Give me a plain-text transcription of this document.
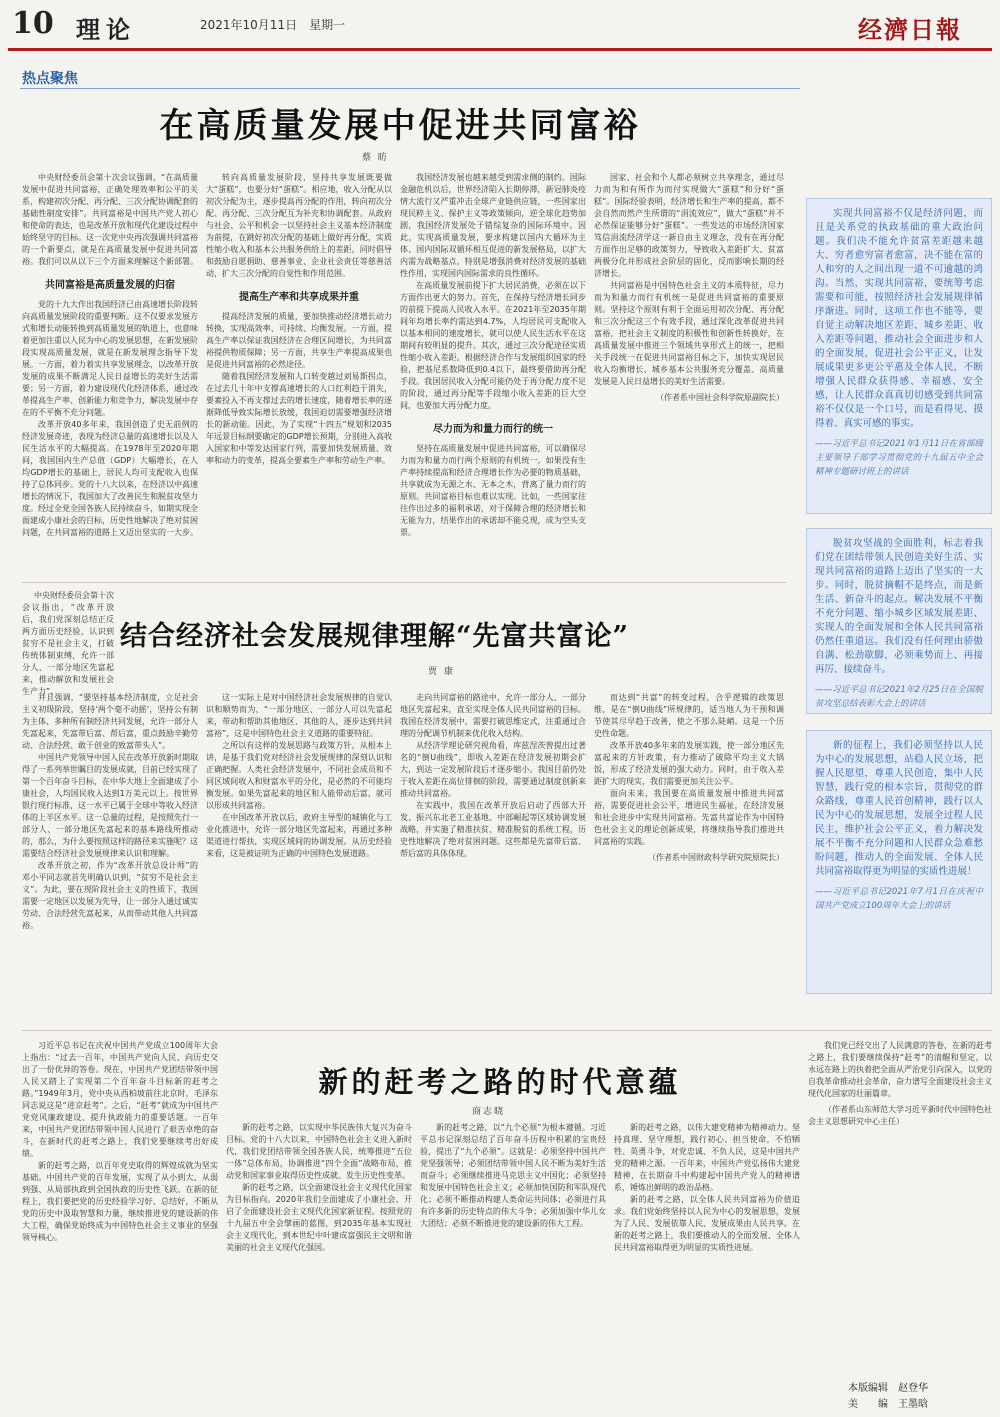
10 理论	2021年10月11日　星期一	经濟日報
热点聚焦
在高质量发展中促进共同富裕
蔡 昉
中央财经委员会第十次会议强调，“在高质量发展中促进共同富裕，正确处理效率和公平的关系，构建初次分配、再分配、三次分配协调配套的基础性制度安排”。共同富裕是中国共产党人初心和使命的表达，也是改革开放和现代化建设过程中始终坚守的目标。这一次党中央再次强调共同富裕的一个新要点，就是在高质量发展中促进共同富裕。我们可以从以下三个方面来理解这个新部署。
共同富裕是高质量发展的归宿
党的十九大作出我国经济已由高速增长阶段转向高质量发展阶段的重要判断。这不仅要求发展方式和增长动能转换到高质量发展的轨道上，也意味着更加注重以人民为中心的发展思想，在新发展阶段实现高质量发展，就是在新发展理念指导下发展。一方面，着力着实共享发展理念，以改革开放发展的成果不断满足人民日益增长的美好生活需要；另一方面，着力建设现代化经济体系，通过改革提高生产率、创新能力和竞争力，解决发展中存在的不平衡不充分问题。
改革开放40多年来，我国创造了史无前例的经济发展奇迹，表现为经济总量的高速增长以及人民生活水平的大幅提高。在1978年至2020年期间，我国国内生产总值（GDP）大幅增长，在人均GDP增长的基础上，居民人均可支配收入也保持了总体同步。党的十八大以来，在经济以中高速增长的情况下，我国加大了改善民生和脱贫攻坚力度。经过全党全国各族人民持续奋斗，如期实现全面建成小康社会的目标，历史性地解决了绝对贫困问题，在共同富裕的道路上又迈出坚实的一大步。
转向高质量发展阶段，坚持共享发展既要做大“蛋糕”，也要分好“蛋糕”。相应地，收入分配从以初次分配为主，逐步提高再分配的作用，转向初次分配、再分配、三次分配互为补充和协调配套。从政府与社会、公平和机会一以坚持社会主义基本经济制度为前提，在跳好初次分配的基础上做好再分配，实质性缩小收入和基本公共服务供给上的差距，同时倡导和鼓励自愿捐助、慈善事业、企业社会责任等慈善活动，扩大三次分配的自觉性和作用范围。
提高生产率和共享成果并重
提高经济发展的质量，要加快推动经济增长动力转换，实现高效率、可持续、均衡发展。一方面，提高生产率以保证我国经济在合理区间增长，为共同富裕提供物质保障；另一方面，共享生产率提高成果也是促进共同富裕的必然途径。
随着我国经济发展和人口转变越过刘易斯拐点，在过去几十年中支撑高速增长的人口红利趋于消失，要素投入不再支撑过去的增长速度，随着增长率的逐渐降低导致实际增长放缓，我国迫切需要增强经济增长的新动能。因此，为了实现“十四五”规划和2035年远景目标纲要确定的GDP增长预期，分别进入高收入国家和中等发达国家行列，需要加快发展质量、效率和动力的变革，提高全要素生产率和劳动生产率。
我国经济发展也越来越受到需求侧的制约。国际金融危机以后，世界经济陷入长期停滞，新冠肺炎疫情大流行又严重冲击全球产业链供应链，一些国家出现民粹主义、保护主义等政策倾向，逆全球化趋势加剧，我国经济发展处于错综复杂的国际环境中。因此，实现高质量发展，要求构建以国内大循环为主体、国内国际双循环相互促进的新发展格局，以扩大内需为战略基点，特别是增强消费对经济发展的基础性作用，实现国内国际需求的良性循环。
在高质量发展前提下扩大居民消费，必须在以下方面作出更大的努力。首先，在保持与经济增长同步的前提下提高人民收入水平。在2021年至2035年期间年均增长率约需达到4.7%，人均居民可支配收入以基本相同的速度增长，就可以使人民生活水平在这期间有较明显的提升。其次，通过三次分配途径实质性缩小收入差距。根据经济合作与发展组织国家的经验，把基尼系数降低到0.4以下，最终要借助再分配手段。我国居民收入分配可能仍处于再分配力度不足的阶段，通过再分配等手段缩小收入差距的巨大空间，也要加大再分配力度。
尽力而为和量力而行的统一
坚持在高质量发展中促进共同富裕，可以确保尽力而为和量力而行两个原则的有机统一。如果没有生产率持续提高和经济合理增长作为必要的物质基础，共享就成为无源之水、无本之木，背离了量力而行的原则。共同富裕目标也难以实现。比如，一些国家往往作出过多的福利承诺，对于保障合理的经济增长和无能为力，结果作出的承诺却不能兑现，成为空头支票。
国家、社会和个人都必须树立共享理念，通过尽力而为和有所作为而付实现做大“蛋糕”和分好“蛋糕”。国际经验表明，经济增长和生产率的提高，都不会自然而然产生所谓的“涓流效应”，做大“蛋糕”并不必然保证能够分好“蛋糕”。一些发达的市场经济国家笃信涓流经济学这一新自由主义理念，没有在再分配方面作出足够的政策努力，导致收入差距扩大、贫富两极分化并形成社会阶层的固化，反而影响长期的经济增长。
共同富裕是中国特色社会主义的本质特征，尽力而为和量力而行有机统一是促进共同富裕的重要原则。坚持这个原则有利于全面运用初次分配、再分配和三次分配这三个有效手段，通过深化改革促进共同富裕，把社会主义制度的积极性和创新性转换好，在高质量发展中推进三个领域共享形式上的统一，把相关手段统一在促进共同富裕目标之下，加快实现居民收入均衡增长、城乡基本公共服务充分覆盖、高质量发展是人民日益增长的美好生活需要。
（作者系中国社会科学院原副院长）
实现共同富裕不仅是经济问题，而且是关系党的执政基础的重大政治问题。我们决不能允许贫富差距越来越大、穷者愈穷富者愈富，决不能在富的人和穷的人之间出现一道不可逾越的鸿沟。当然，实现共同富裕，要统筹考虑需要和可能，按照经济社会发展规律循序渐进。同时，这项工作也不能等，要自觉主动解决地区差距、城乡差距、收入差距等问题，推动社会全面进步和人的全面发展，促进社会公平正义，让发展成果更多更公平惠及全体人民，不断增强人民群众获得感、幸福感、安全感，让人民群众真真切切感受到共同富裕不仅仅是一个口号，而是看得见、摸得着、真实可感的事实。
——习近平总书记2021年1月11日在省部级主要领导干部学习贯彻党的十九届五中全会精神专题研讨班上的讲话
脱贫攻坚战的全面胜利，标志着我们党在团结带领人民创造美好生活、实现共同富裕的道路上迈出了坚实的一大步。同时，脱贫摘帽不是终点，而是新生活、新奋斗的起点。解决发展不平衡不充分问题、缩小城乡区域发展差距、实现人的全面发展和全体人民共同富裕仍然任重道远。我们没有任何理由骄傲自满、松劲歇脚，必须乘势而上、再接再厉、接续奋斗。
——习近平总书记2021年2月25日在全国脱贫攻坚总结表彰大会上的讲话
新的征程上，我们必须坚持以人民为中心的发展思想，站稳人民立场，把握人民愿望，尊重人民创造，集中人民智慧，践行党的根本宗旨，贯彻党的群众路线，尊重人民首创精神，践行以人民为中心的发展思想，发展全过程人民民主，维护社会公平正义，着力解决发展不平衡不充分问题和人民群众急难愁盼问题，推动人的全面发展、全体人民共同富裕取得更为明显的实质性进展！
——习近平总书记2021年7月1日在庆祝中国共产党成立100周年大会上的讲话
中央财经委员会第十次会议指出，“改革开放后，我们党深刻总结正反两方面历史经验，认识到贫穷不是社会主义，打破传统体制束缚，允许一部分人、一部分地区先富起来，推动解放和发展社会生产力”。
结合经济社会发展规律理解“先富共富论”
贾 康
并且强调，“要坚持基本经济制度，立足社会主义初级阶段，坚持‘两个毫不动摇’，坚持公有制为主体、多种所有制经济共同发展，允许一部分人先富起来，先富带后富、帮后富，重点鼓励辛勤劳动、合法经营、敢于创业的致富带头人”。
中国共产党领导中国人民在改革开放新时期取得了一系列举世瞩目的发展成就，目前已经实现了第一个百年奋斗目标，在中华大地上全面建成了小康社会，人均国民收入达到1万美元以上。按世界银行现行标准，这一水平已属于全球中等收入经济体的上半区水平。这一总量的过程，是按照先行一部分人、一部分地区先富起来的基本路线所推动的，那么，为什么要按照这样的路径来实施呢？这需要结合经济社会发展规律来认识和理解。
改革开放之初，作为“改革开放总设计师”的邓小平同志就首先明确认识到，“贫穷不是社会主义”。为此，要在现阶段社会主义的性质下，我国需要一定地区以发展为先导，让一部分人通过诚实劳动、合法经营先富起来，从而带动其他人共同富裕。
这一实际上是对中国经济社会发展规律的自觉认识和顺势而为，“一部分地区、一部分人可以先富起来，带动和帮助其他地区、其他的人，逐步达到共同富裕”，这是中国特色社会主义道路的重要特征。
之所以有这样的发展思路与政策方针，从根本上讲，是基于我们党对经济社会发展规律的深刻认识和正确把握。人类社会经济发展中，不同社会成员和不同区域间收入和财富水平的分化，是必然的不可能均衡发展。如果先富起来的地区和人能带动后富，就可以形成共同富裕。
在中国改革开放以后，政府主导型的城镇化与工业化推进中，允许一部分地区先富起来，再通过多种渠道进行帮扶，实现区域间的协调发展。从历史经验来看，这是被证明为正确的中国特色发展道路。
走向共同富裕的路途中，允许一部分人、一部分地区先富起来，直至实现全体人民共同富裕的目标。我国在经济发展中，需要打破思维定式，注重通过合理的分配调节机制来优化收入结构。
从经济学理论研究视角看，库兹涅茨曾提出过著名的“倒U曲线”，即收入差距在经济发展初期会扩大，到达一定发展阶段后才逐步缩小。我国目前仍处于收入差距在高位徘徊的阶段，需要通过制度创新来推动共同富裕。
在实践中，我国在改革开放后启动了西部大开发、振兴东北老工业基地、中部崛起等区域协调发展战略，并实施了精准扶贫、精准脱贫的系统工程，历史性地解决了绝对贫困问题。这些都是先富带后富、帮后富的具体体现。
而达到“共富”的转变过程，合乎逻辑的政策思维，是在“倒U曲线”所规律的，适当地人为干预和调节使其尽早趋于改善，使之不那么陡峭。这是一个历史性命题。
改革开放40多年来的发展实践，使一部分地区先富起来的方针政策，有力推动了破除平均主义大锅饭，形成了经济发展的强大动力。同时，由于收入差距扩大的现实，我们需要更加关注公平。
面向未来，我国要在高质量发展中推进共同富裕，需要促进社会公平，增进民生福祉，在经济发展和社会进步中实现共同富裕。先富共富论作为中国特色社会主义的理论创新成果，将继续指导我们推进共同富裕的实践。
（作者系中国财政科学研究院原院长）
习近平总书记在庆祝中国共产党成立100周年大会上指出：“过去一百年，中国共产党向人民、向历史交出了一份优异的答卷。现在，中国共产党团结带领中国人民又踏上了实现第二个百年奋斗目标新的赶考之路。”1949年3月，党中央从西柏坡前往北京时，毛泽东同志说这是“进京赶考”。之后，“赶考”就成为中国共产党党风廉政建设、提升执政能力的重要话题。一百年来，中国共产党团结带领中国人民进行了艰苦卓绝的奋斗，在新时代的赶考之路上，我们党要继续考出好成绩。
新的赶考之路，以百年党史取得的辉煌成就为坚实基础。中国共产党的百年发展，实现了从小到大、从弱到强、从局部执政到全国执政的历史性飞跃。在新的征程上，我们要把党的历史经验学习好、总结好，不断从党的历史中汲取智慧和力量，继续推进党的建设新的伟大工程，确保党始终成为中国特色社会主义事业的坚强领导核心。
新的赶考之路的时代意蕴
商志晓
新的赶考之路，以实现中华民族伟大复兴为奋斗目标。党的十八大以来，中国特色社会主义进入新时代，我们党团结带领全国各族人民，统筹推进“五位一体”总体布局，协调推进“四个全面”战略布局，推动党和国家事业取得历史性成就、发生历史性变革。
新的赶考之路，以全面建设社会主义现代化国家为目标指向。2020年我们全面建成了小康社会，开启了全面建设社会主义现代化国家新征程。按照党的十九届五中全会擘画的蓝图，到2035年基本实现社会主义现代化，到本世纪中叶建成富强民主文明和谐美丽的社会主义现代化强国。
新的赶考之路，以“九个必须”为根本遵循。习近平总书记深刻总结了百年奋斗历程中积累的宝贵经验，提出了“九个必须”。这就是：必须坚持中国共产党坚强领导；必须团结带领中国人民不断为美好生活而奋斗；必须继续推进马克思主义中国化；必须坚持和发展中国特色社会主义；必须加快国防和军队现代化；必须不断推动构建人类命运共同体；必须进行具有许多新的历史特点的伟大斗争；必须加强中华儿女大团结；必须不断推进党的建设新的伟大工程。
新的赶考之路，以伟大建党精神为精神动力。坚持真理、坚守理想，践行初心、担当使命，不怕牺牲、英勇斗争，对党忠诚、不负人民，这是中国共产党的精神之源。一百年来，中国共产党弘扬伟大建党精神，在长期奋斗中构建起中国共产党人的精神谱系，锤炼出鲜明的政治品格。
新的赶考之路，以全体人民共同富裕为价值追求。我们党始终坚持以人民为中心的发展思想，发展为了人民、发展依靠人民、发展成果由人民共享。在新的赶考之路上，我们要推动人的全面发展、全体人民共同富裕取得更为明显的实质性进展。
我们党已经交出了人民满意的答卷，在新的赶考之路上，我们要继续保持“赶考”的清醒和坚定，以永远在路上的执着把全面从严治党引向深入，以党的自我革命推动社会革命，奋力谱写全面建设社会主义现代化国家的壮丽篇章。
（作者系山东师范大学习近平新时代中国特色社会主义思想研究中心主任）
本版编辑　赵登华
美　　编　王墨晗
